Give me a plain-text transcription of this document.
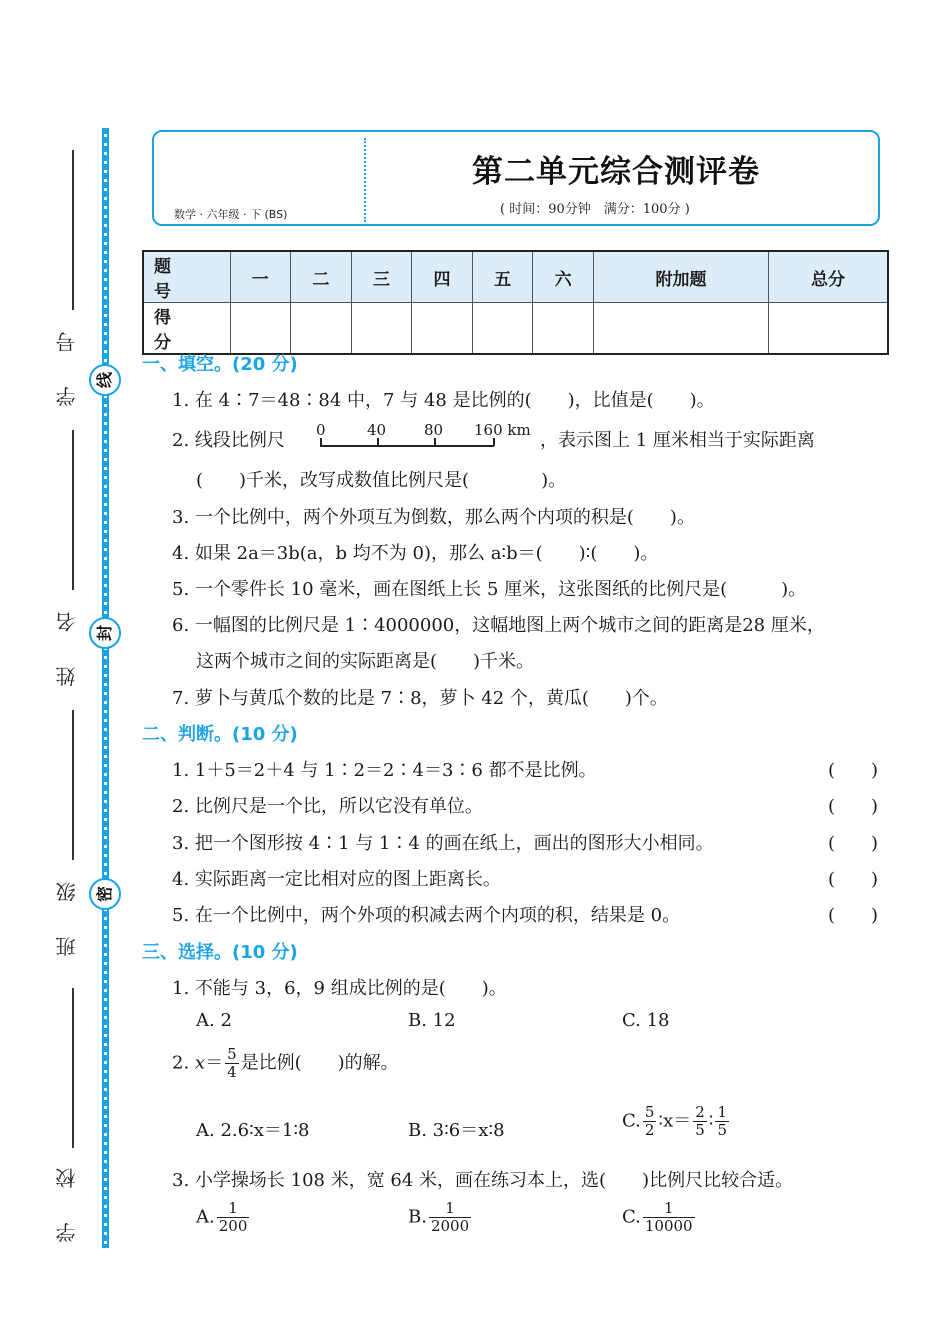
线
封
密
学 号
姓 名
班 级
学 校
数学 · 六年级 · 下 (BS)
第二单元综合测评卷
( 时间：90分钟　满分：100分 )
题 号	一	二	三	四	五	六	附加题	总分
得 分								
一、填空。(20 分)
1. 在 4∶7＝48∶84 中，7 与 48 是比例的(　　)，比值是(　　)。
2. 线段比例尺 0	40	80 160 km ，表示图上 1 厘米相当于实际距离
(　　)千米，改写成数值比例尺是(　　　　)。
3. 一个比例中，两个外项互为倒数，那么两个内项的积是(　　)。
4. 如果 2a＝3b(a，b 均不为 0)，那么 a∶b＝(　　)∶(　　)。
5. 一个零件长 10 毫米，画在图纸上长 5 厘米，这张图纸的比例尺是(　　　)。
6. 一幅图的比例尺是 1∶4000000，这幅地图上两个城市之间的距离是28 厘米，
这两个城市之间的实际距离是(　　)千米。
7. 萝卜与黄瓜个数的比是 7∶8，萝卜 42 个，黄瓜(　　)个。
二、判断。(10 分)
1. 1＋5＝2＋4 与 1∶2＝2∶4＝3∶6 都不是比例。	(　　)
2. 比例尺是一个比，所以它没有单位。	(　　)
3. 把一个图形按 4∶1 与 1∶4 的画在纸上，画出的图形大小相同。	(　　)
4. 实际距离一定比相对应的图上距离长。	(　　)
5. 在一个比例中，两个外项的积减去两个内项的积，结果是 0。	(　　)
三、选择。(10 分)
1. 不能与 3，6，9 组成比例的是(　　)。
A. 2	B. 12	C. 18
2. $x= \frac{5}{4}$ 是比例(　　)的解。
A. 2.6∶x＝1∶8	B. 3∶6＝x∶8	C. $\frac{5}{2}$ ∶x＝ $\frac{2}{5}$ ∶ $\frac{1}{5}$
3. 小学操场长 108 米，宽 64 米，画在练习本上，选(　　)比例尺比较合适。
A. $\frac{1}{200}$	B. $\frac{1}{2000}$	C. $\frac{1}{10000}$
